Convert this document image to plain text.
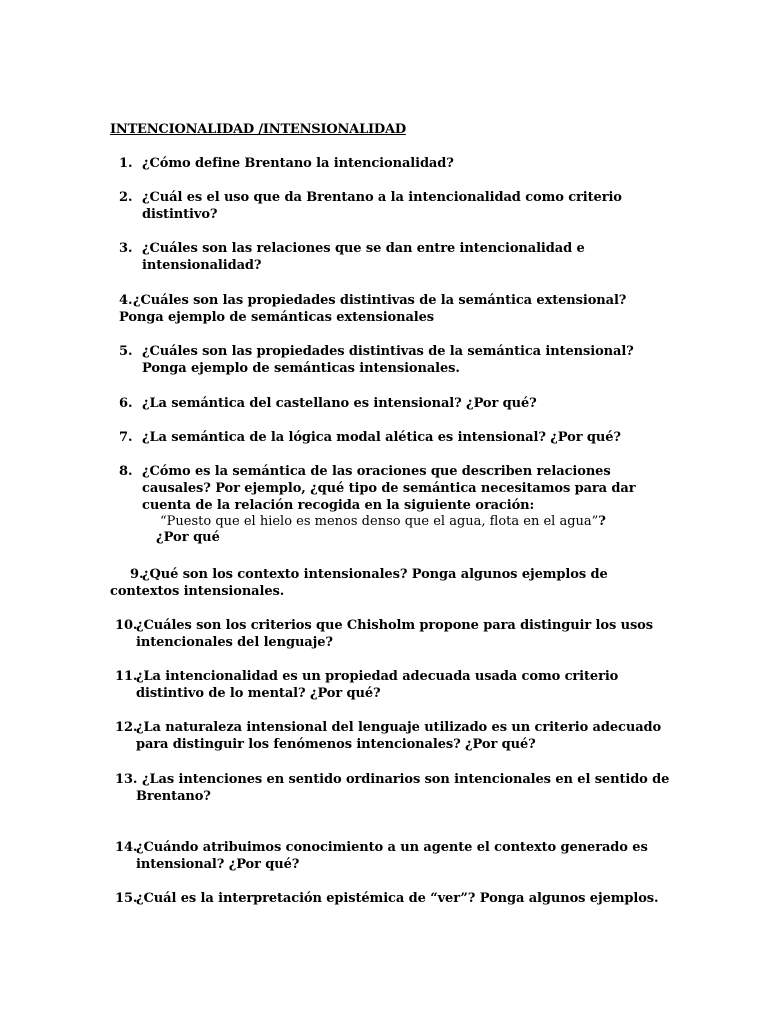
INTENCIONALIDAD /INTENSIONALIDAD
1. ¿Cómo define Brentano la intencionalidad?
2. ¿Cuál es el uso que da Brentano a la intencionalidad como criterio
distintivo?
3. ¿Cuáles son las relaciones que se dan entre intencionalidad e
intensionalidad?
4. ¿Cuáles son las propiedades distintivas de la semántica extensional?
Ponga ejemplo de semánticas extensionales
5. ¿Cuáles son las propiedades distintivas de la semántica intensional?
Ponga ejemplo de semánticas intensionales.
6. ¿La semántica del castellano es intensional? ¿Por qué?
7. ¿La semántica de la lógica modal alética es intensional? ¿Por qué?
8. ¿Cómo es la semántica de las oraciones que describen relaciones
causales? Por ejemplo, ¿qué tipo de semántica necesitamos para dar
cuenta de la relación recogida en la siguiente oración:
“Puesto que el hielo es menos denso que el agua, flota en el agua”?
¿Por qué
9.
¿Qué son los contexto intensionales? Ponga algunos ejemplos de
contextos intensionales.
10.
¿Cuáles son los criterios que Chisholm propone para distinguir los usos
intencionales del lenguaje?
11.
¿La intencionalidad es un propiedad adecuada usada como criterio
distintivo de lo mental? ¿Por qué?
12.
¿La naturaleza intensional del lenguaje utilizado es un criterio adecuado
para distinguir los fenómenos intencionales? ¿Por qué?
13. ¿Las intenciones en sentido ordinarios son intencionales en el sentido de
Brentano?
14.
¿Cuándo atribuimos conocimiento a un agente el contexto generado es
intensional? ¿Por qué?
15.
¿Cuál es la interpretación epistémica de “ver”? Ponga algunos ejemplos.
